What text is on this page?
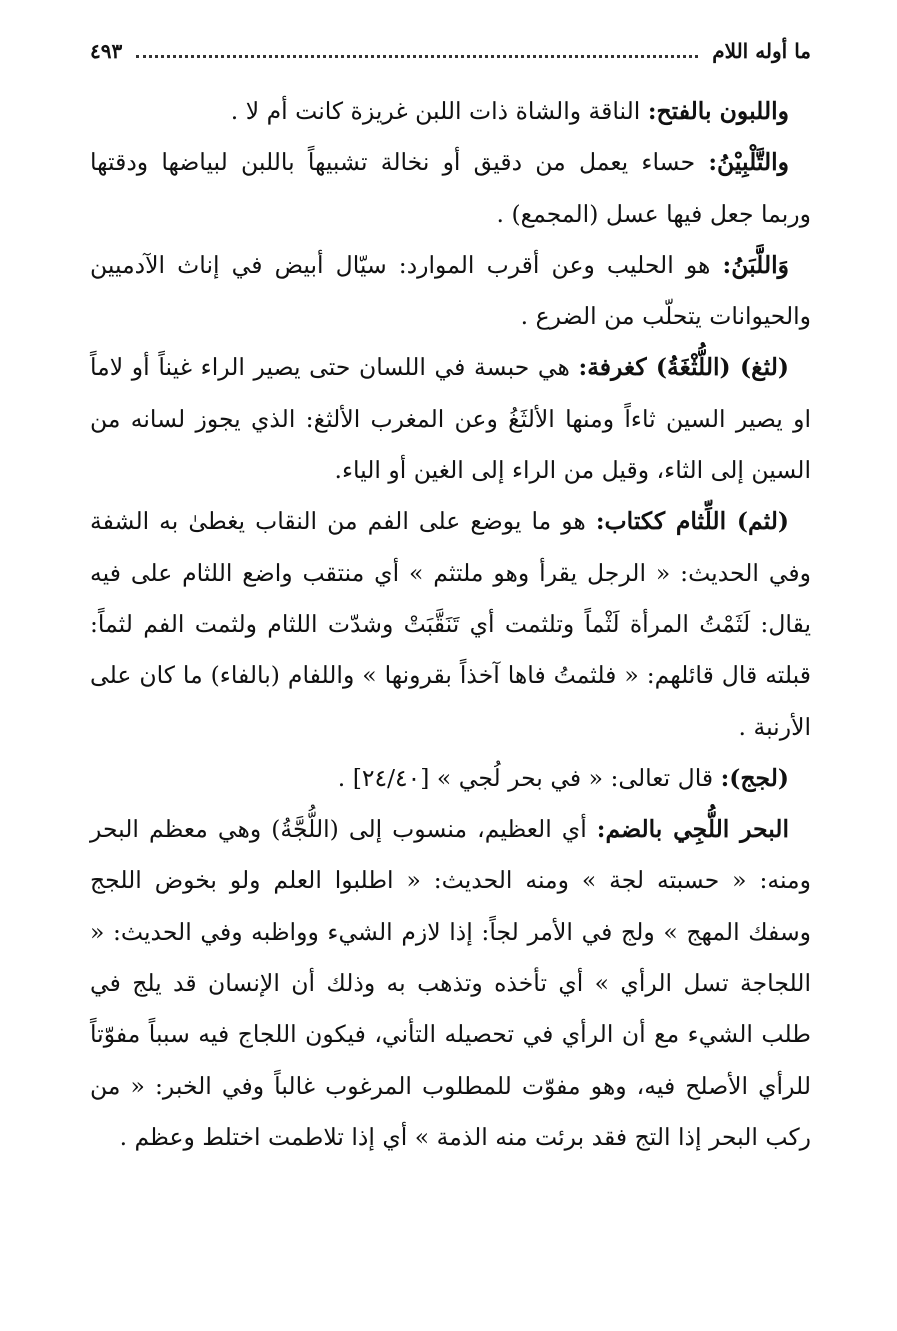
ما أوله اللام
٤٩٣

واللبون بالفتح: الناقة والشاة ذات اللبن غريزة كانت أم لا .

والتَّلْبِيْنُ: حساء يعمل من دقيق أو نخالة تشبيهاً باللبن لبياضها ودقتها وربما جعل فيها عسل (المجمع) .

وَاللَّبَنُ: هو الحليب وعن أقرب الموارد: سيّال أبيض في إناث الآدميين والحيوانات يتحلّب من الضرع .

(لثغ) (اللُّثْغَةُ) كغرفة: هي حبسة في اللسان حتى يصير الراء غيناً أو لاماً او يصير السين ثاءاً ومنها الألثَغُ وعن المغرب الألثغ: الذي يجوز لسانه من السين إلى الثاء، وقيل من الراء إلى الغين أو الياء.

(لثم) اللِّثام ككتاب: هو ما يوضع على الفم من النقاب يغطىٰ به الشفة وفي الحديث: « الرجل يقرأ وهو ملتثم » أي منتقب واضع اللثام على فيه يقال: لَثَمْتُ المرأة لَثْماً وتلثمت أي تَنَقَّبَتْ وشدّت اللثام ولثمت الفم لثماً: قبلته قال قائلهم: « فلثمتُ فاها آخذاً بقرونها » واللفام (بالفاء) ما كان على الأرنبة .

(لجج): قال تعالى: « في بحر لُجي » [٢٤/٤٠] .

البحر اللُّجِي بالضم: أي العظيم، منسوب إلى (اللُّجَّةُ) وهي معظم البحر ومنه: « حسبته لجة » ومنه الحديث: « اطلبوا العلم ولو بخوض اللجج وسفك المهج » ولج في الأمر لجاً: إذا لازم الشيء وواظبه وفي الحديث: « اللجاجة تسل الرأي » أي تأخذه وتذهب به وذلك أن الإنسان قد يلج في طلب الشيء مع أن الرأي في تحصيله التأني، فيكون اللجاج فيه سبباً مفوّتاً للرأي الأصلح فيه، وهو مفوّت للمطلوب المرغوب غالباً وفي الخبر: « من ركب البحر إذا التج فقد برئت منه الذمة » أي إذا تلاطمت اختلط وعظم .
